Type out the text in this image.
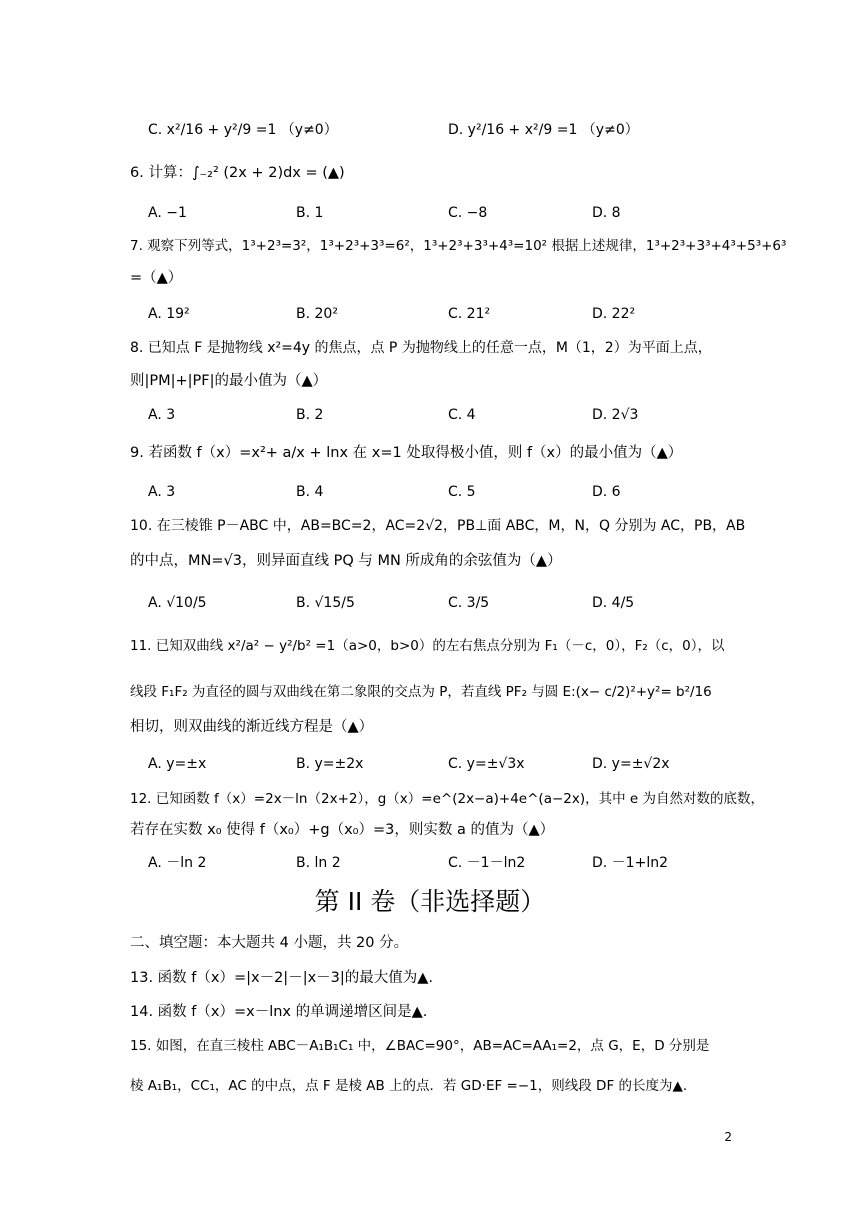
C. x²/16 + y²/9 =1 （y≠0）	D. y²/16 + x²/9 =1 （y≠0）
6. 计算：∫₋₂² (2x + 2)dx = (▲)
A. −1	B. 1	C. −8	D. 8
7. 观察下列等式，1³+2³=3²，1³+2³+3³=6²，1³+2³+3³+4³=10² 根据上述规律，1³+2³+3³+4³+5³+6³
=（▲）
A. 19²	B. 20²	C. 21²	D. 22²
8. 已知点 F 是抛物线 x²=4y 的焦点，点 P 为抛物线上的任意一点，M（1，2）为平面上点，
则|PM|+|PF|的最小值为（▲）
A. 3	B. 2	C. 4	D. 2√3
9. 若函数 f（x）=x²+ a/x + lnx 在 x=1 处取得极小值，则 f（x）的最小值为（▲）
A. 3	B. 4	C. 5	D. 6
10. 在三棱锥 P－ABC 中，AB=BC=2，AC=2√2，PB⊥面 ABC，M，N，Q 分别为 AC，PB，AB
的中点，MN=√3，则异面直线 PQ 与 MN 所成角的余弦值为（▲）
A. √10/5	B. √15/5	C. 3/5	D. 4/5
11. 已知双曲线 x²/a² − y²/b² =1（a>0，b>0）的左右焦点分别为 F₁（－c，0），F₂（c，0），以
线段 F₁F₂ 为直径的圆与双曲线在第二象限的交点为 P，若直线 PF₂ 与圆 E:(x− c/2)²+y²= b²/16
相切，则双曲线的渐近线方程是（▲）
A. y=±x	B. y=±2x	C. y=±√3x	D. y=±√2x
12. 已知函数 f（x）=2x－ln（2x+2），g（x）=e^(2x−a)+4e^(a−2x)，其中 e 为自然对数的底数，
若存在实数 x₀ 使得 f（x₀）+g（x₀）=3，则实数 a 的值为（▲）
A. －ln 2	B. ln 2	C. －1－ln2	D. －1+ln2
第 II 卷（非选择题）
二、填空题：本大题共 4 小题，共 20 分。
13. 函数 f（x）=|x－2|－|x－3|的最大值为▲.
14. 函数 f（x）=x－lnx 的单调递增区间是▲.
15. 如图，在直三棱柱 ABC－A₁B₁C₁ 中，∠BAC=90°，AB=AC=AA₁=2，点 G，E，D 分别是
棱 A₁B₁，CC₁，AC 的中点，点 F 是棱 AB 上的点．若 GD·EF =−1，则线段 DF 的长度为▲.
2
